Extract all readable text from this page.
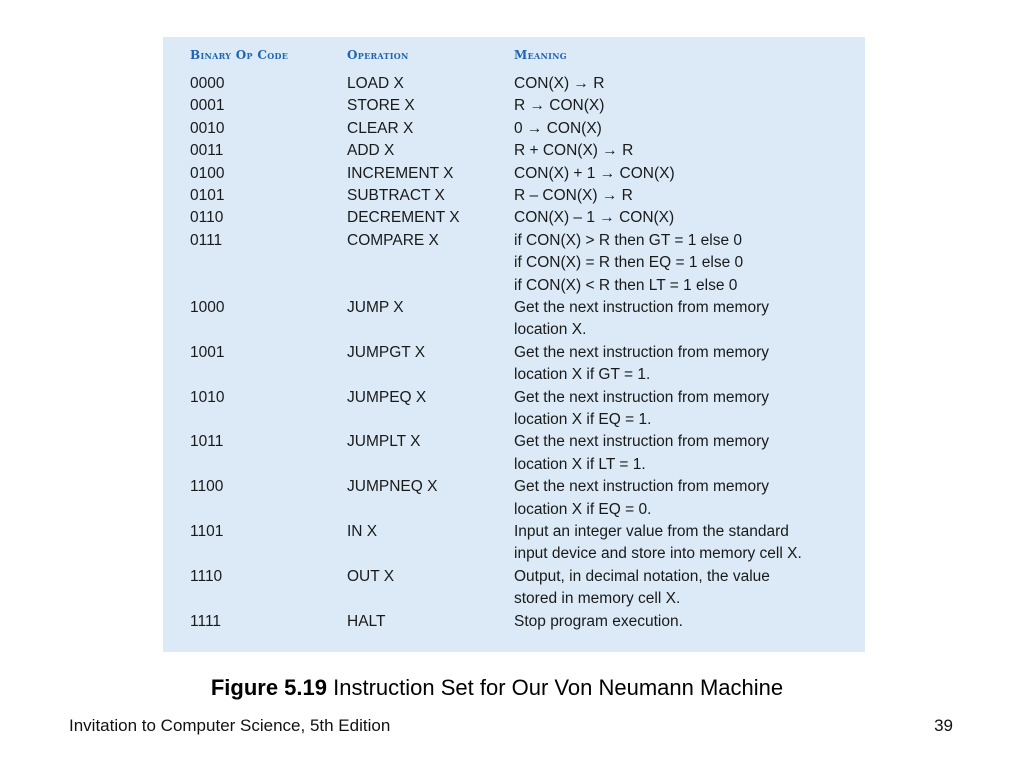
Binary Op Code	Operation	Meaning
0000	LOAD X	CON(X) → R
0001	STORE X	R → CON(X)
0010	CLEAR X	0 → CON(X)
0011	ADD X	R + CON(X) → R
0100	INCREMENT X	CON(X) + 1 → CON(X)
0101	SUBTRACT X	R – CON(X) → R
0110	DECREMENT X	CON(X) – 1 → CON(X)
0111	COMPARE X	if CON(X) > R then GT = 1 else 0
if CON(X) = R then EQ = 1 else 0
if CON(X) < R then LT = 1 else 0
1000	JUMP X	Get the next instruction from memory
location X.
1001	JUMPGT X	Get the next instruction from memory
location X if GT = 1.
1010	JUMPEQ X	Get the next instruction from memory
location X if EQ = 1.
1011	JUMPLT X	Get the next instruction from memory
location X if LT = 1.
1100	JUMPNEQ X	Get the next instruction from memory
location X if EQ = 0.
1101	IN X	Input an integer value from the standard
input device and store into memory cell X.
1110	OUT X	Output, in decimal notation, the value
stored in memory cell X.
1111	HALT	Stop program execution.
Figure 5.19 Instruction Set for Our Von Neumann Machine
Invitation to Computer Science, 5th Edition	39
